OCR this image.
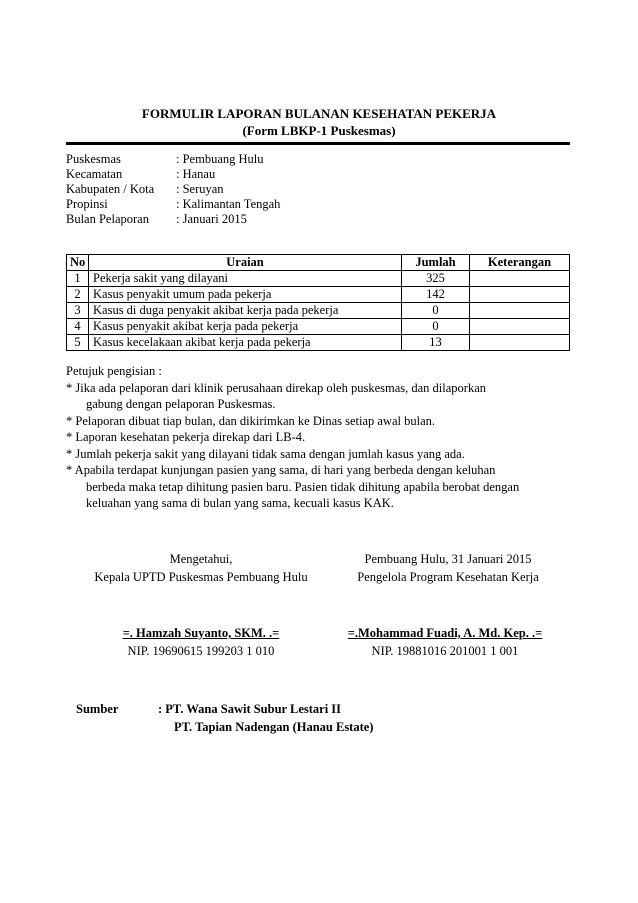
FORMULIR LAPORAN BULANAN KESEHATAN PEKERJA
(Form LBKP-1 Puskesmas)
Puskesmas	: Pembuang Hulu
Kecamatan	: Hanau
Kabupaten / Kota	: Seruyan
Propinsi	: Kalimantan Tengah
Bulan Pelaporan	: Januari 2015
No	Uraian	Jumlah	Keterangan
1	Pekerja sakit yang dilayani	325	
2	Kasus penyakit umum pada pekerja	142	
3	Kasus di duga penyakit akibat kerja pada pekerja	0	
4	Kasus penyakit akibat kerja pada pekerja	0	
5	Kasus kecelakaan akibat kerja pada pekerja	13	
Petujuk pengisian :
* Jika ada pelaporan dari klinik perusahaan direkap oleh puskesmas, dan dilaporkan
gabung dengan pelaporan Puskesmas.
* Pelaporan dibuat tiap bulan, dan dikirimkan ke Dinas setiap awal bulan.
* Laporan kesehatan pekerja direkap dari LB-4.
* Jumlah pekerja sakit yang dilayani tidak sama dengan jumlah kasus yang ada.
* Apabila terdapat kunjungan pasien yang sama, di hari yang berbeda dengan keluhan
berbeda maka tetap dihitung pasien baru. Pasien tidak dihitung apabila berobat dengan
keluahan yang sama di bulan yang sama, kecuali kasus KAK.
Mengetahui,
Kepala UPTD Puskesmas Pembuang Hulu
Pembuang Hulu, 31 Januari 2015
Pengelola Program Kesehatan Kerja
=. Hamzah Suyanto, SKM. .=
NIP. 19690615 199203 1 010
=.Mohammad Fuadi, A. Md. Kep. .=
NIP. 19881016 201001 1 001
Sumber	: PT. Wana Sawit Subur Lestari II
PT. Tapian Nadengan (Hanau Estate)
